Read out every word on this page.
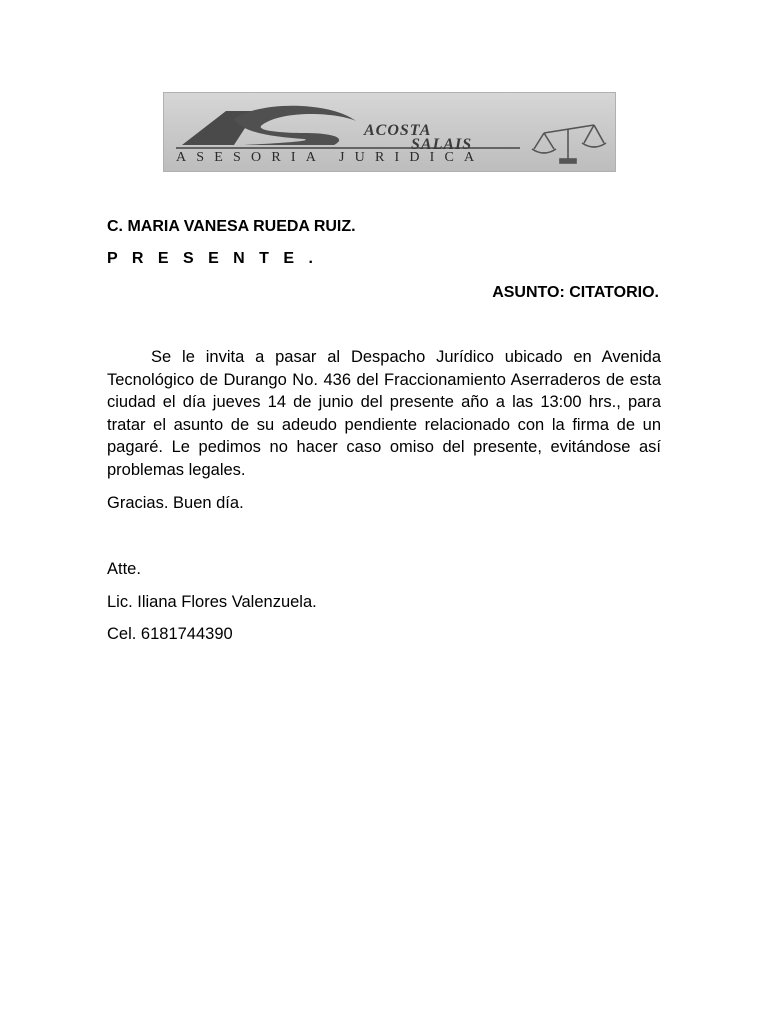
ACOSTA
SALAIS
ASESORIA JURIDICA

C. MARIA VANESA RUEDA RUIZ.

P R E S E N T E .

ASUNTO: CITATORIO.

Se le invita a pasar al Despacho Jurídico ubicado en Avenida Tecnológico de Durango No. 436 del Fraccionamiento Aserraderos de esta ciudad el día jueves 14 de junio del presente año a las 13:00 hrs., para tratar el asunto de su adeudo pendiente relacionado con la firma de un pagaré. Le pedimos no hacer caso omiso del presente, evitándose así problemas legales.

Gracias. Buen día.

Atte.

Lic. Iliana Flores Valenzuela.

Cel. 6181744390
